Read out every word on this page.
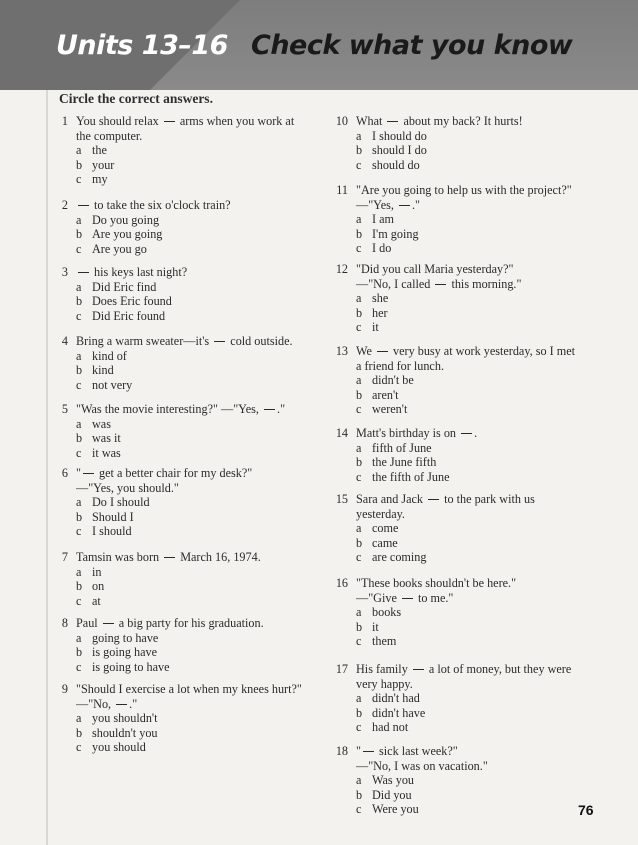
Units 13–16 Check what you know
Circle the correct answers.
1 You should relax  arms when you work at
the computer.
a the
b your
c my
2	to take the six o'clock train?
a Do you going
b Are you going
c Are you go
3	his keys last night?
a Did Eric find
b Does Eric found
c Did Eric found
4 Bring a warm sweater—it's  cold outside.
a kind of
b kind
c not very
5 "Was the movie interesting?" —"Yes, ."
a was
b was it
c it was
6 " get a better chair for my desk?"
—"Yes, you should."
a Do I should
b Should I
c I should
7 Tamsin was born  March 16, 1974.
a in
b on
c at
8 Paul  a big party for his graduation.
a going to have
b is going have
c is going to have
9 "Should I exercise a lot when my knees hurt?"
—"No, ."
a you shouldn't
b shouldn't you
c you should
10 What  about my back? It hurts!
a I should do
b should I do
c should do
11 "Are you going to help us with the project?"
—"Yes, ."
a I am
b I'm going
c I do
12 "Did you call Maria yesterday?"
—"No, I called  this morning."
a she
b her
c it
13 We  very busy at work yesterday, so I met
a friend for lunch.
a didn't be
b aren't
c weren't
14 Matt's birthday is on .
a fifth of June
b the June fifth
c the fifth of June
15 Sara and Jack  to the park with us
yesterday.
a come
b came
c are coming
16 "These books shouldn't be here."
—"Give  to me."
a books
b it
c them
17 His family  a lot of money, but they were
very happy.
a didn't had
b didn't have
c had not
18 " sick last week?"
—"No, I was on vacation."
a Was you
b Did you
c Were you	76
